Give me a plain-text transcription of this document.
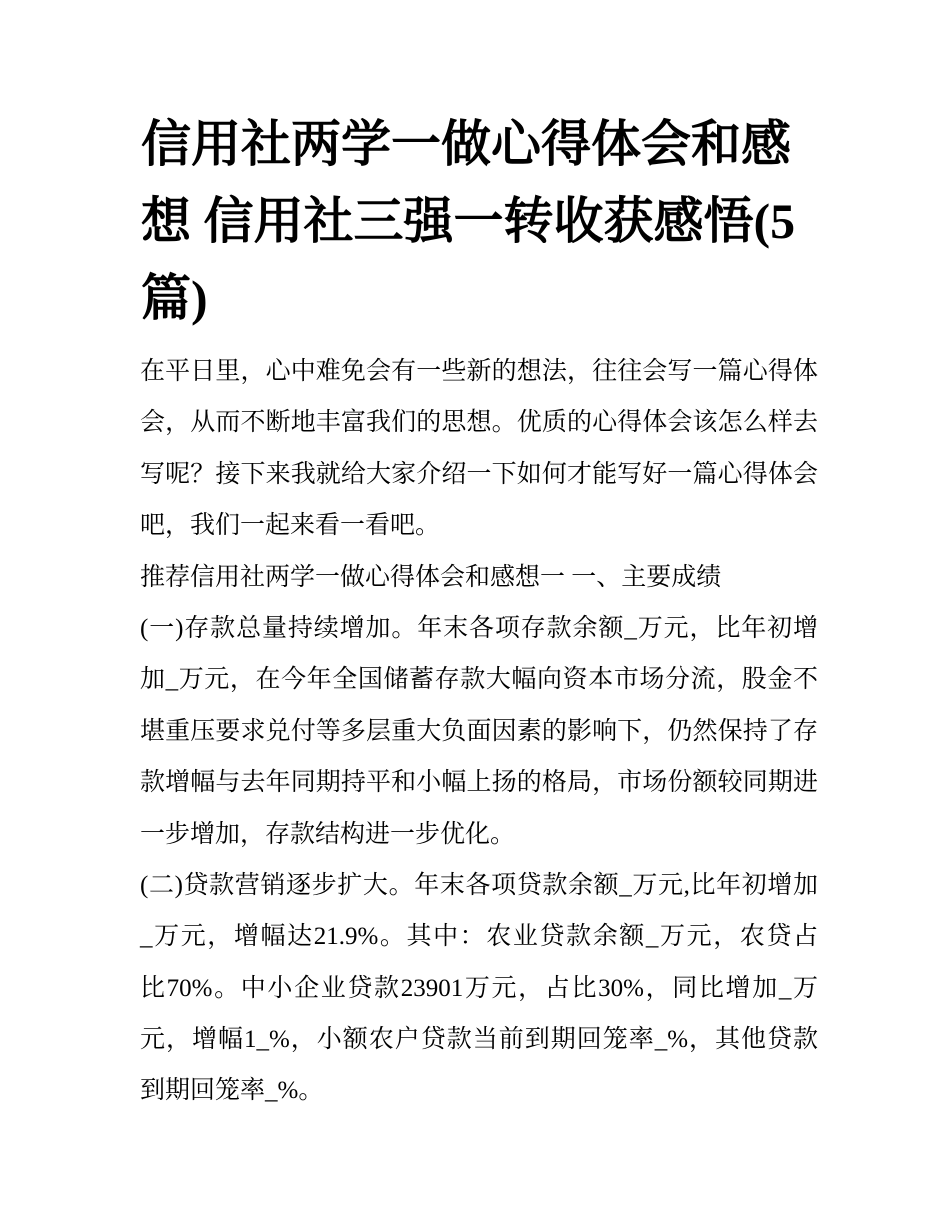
信用社两学一做心得体会和感
想 信用社三强一转收获感悟(5
篇)
在平日里，心中难免会有一些新的想法，往往会写一篇心得体
会，从而不断地丰富我们的思想。优质的心得体会该怎么样去
写呢？接下来我就给大家介绍一下如何才能写好一篇心得体会
吧，我们一起来看一看吧。
推荐信用社两学一做心得体会和感想一 一、主要成绩
(一)存款总量持续增加。年末各项存款余额_万元，比年初增
加_万元，在今年全国储蓄存款大幅向资本市场分流，股金不
堪重压要求兑付等多层重大负面因素的影响下，仍然保持了存
款增幅与去年同期持平和小幅上扬的格局，市场份额较同期进
一步增加，存款结构进一步优化。
(二)贷款营销逐步扩大。年末各项贷款余额_万元,比年初增加
_万元，增幅达21.9%。其中：农业贷款余额_万元，农贷占
比70%。中小企业贷款23901万元，占比30%，同比增加_万
元，增幅1_%，小额农户贷款当前到期回笼率_%，其他贷款
到期回笼率_%。
